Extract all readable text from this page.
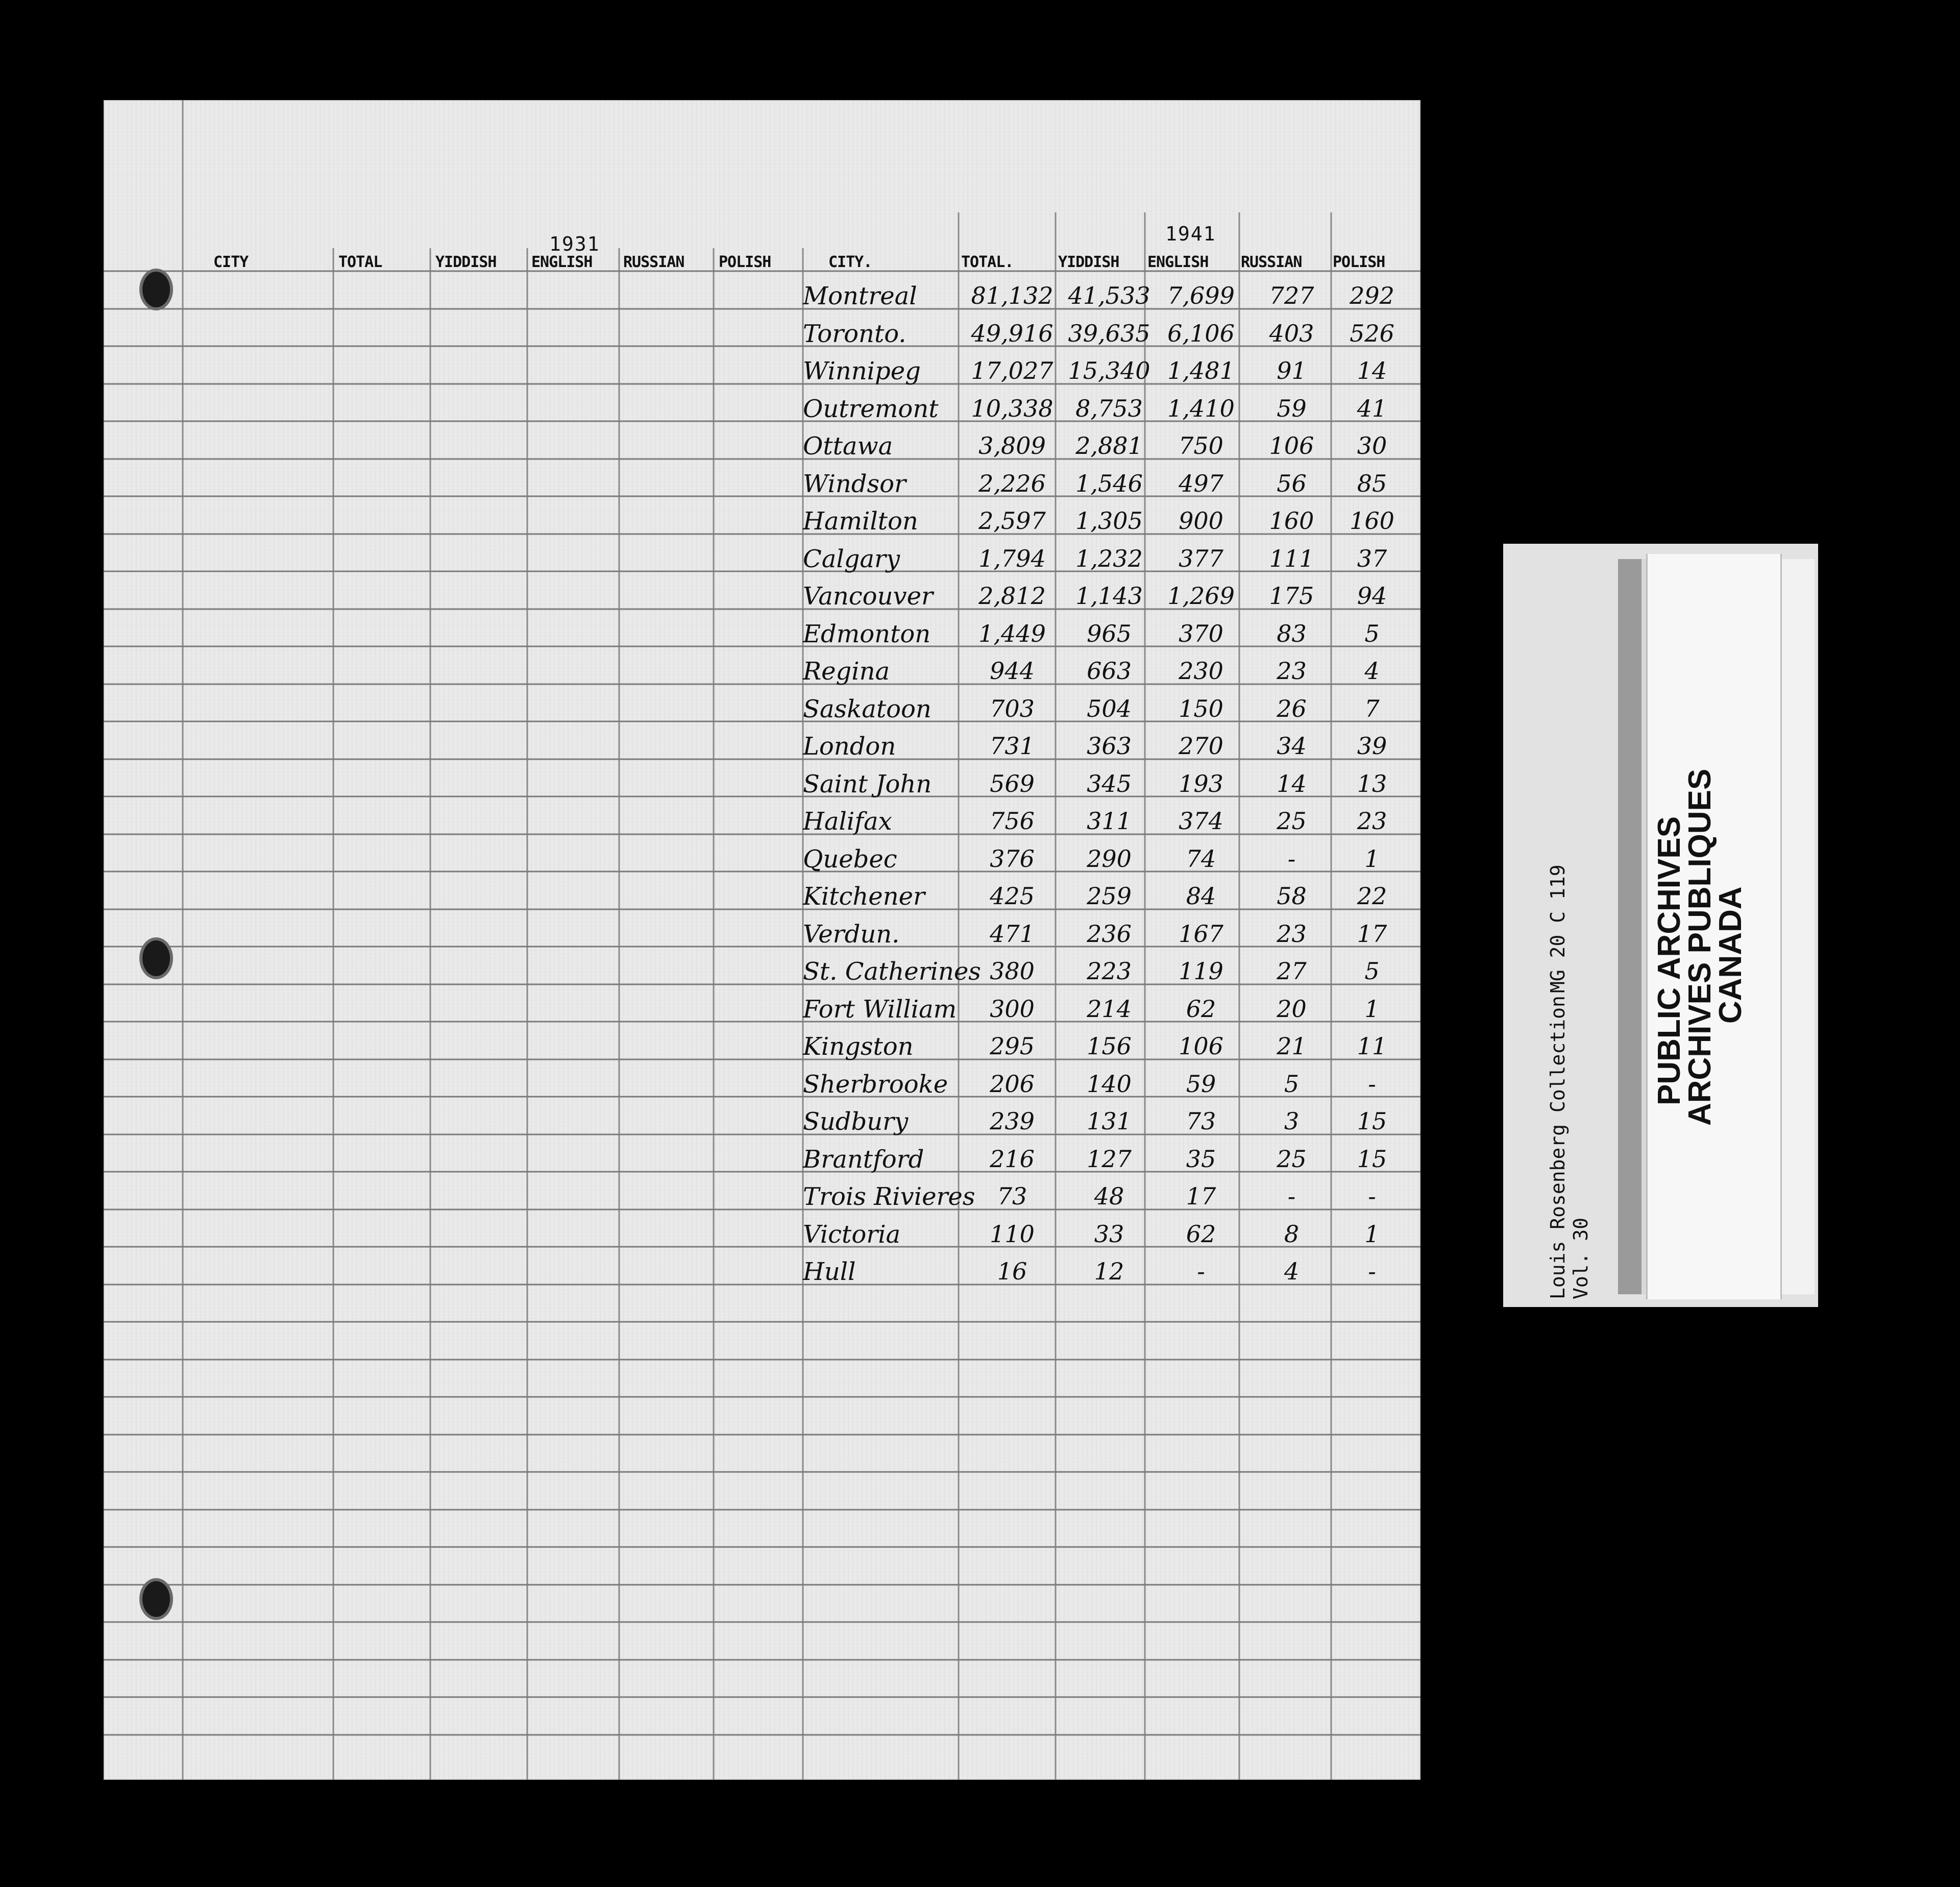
1931	1941
CITY	TOTAL	YIDDISH ENGLISH RUSSIAN POLISH	CITY.	TOTAL.	YIDDISH ENGLISH RUSSIAN POLISH
Montreal 81,132 41,533 7,699	727	292
Toronto.	49,916 39,635 6,106	403	526
Winnipeg 17,027 15,340 1,481	91	14
Outremont 10,338 8,753	1,410	59	41
Ottawa	3,809	2,881	750	106	30
Windsor	2,226	1,546	497	56	85
Hamilton	2,597	1,305	900	160	160
Calgary	1,794	1,232	377	111	37
Vancouver	2,812	1,143	1,269	175	94
Edmonton	1,449	965	370	83	5
Regina	944	663	230	23	4
Saskatoon	703	504	150	26	7
London	731	363	270	34	39
Saint John	569	345	193	14	13
Halifax	756	311	374	25	23
Quebec	376	290	74	-	1
Kitchener	425	259	84	58	22
Verdun.	471	236	167	23	17
St. Catherines 380	223	119	27	5
Fort William	300	214	62	20	1
Kingston	295	156	106	21	11
Sherbrooke	206	140	59	5	-
Sudbury	239	131	73	3	15
Brantford	216	127	35	25	15
Trois Rivieres 73	48	17	-	-
Victoria	110	33	62	8	1
Hull	16	12	-	4	-	Louis Rosenberg Collection Vol. 30
MG 20 C 119	PUBLIC ARCHIVES
ARCHIVES PUBLIQUES
CANADA
